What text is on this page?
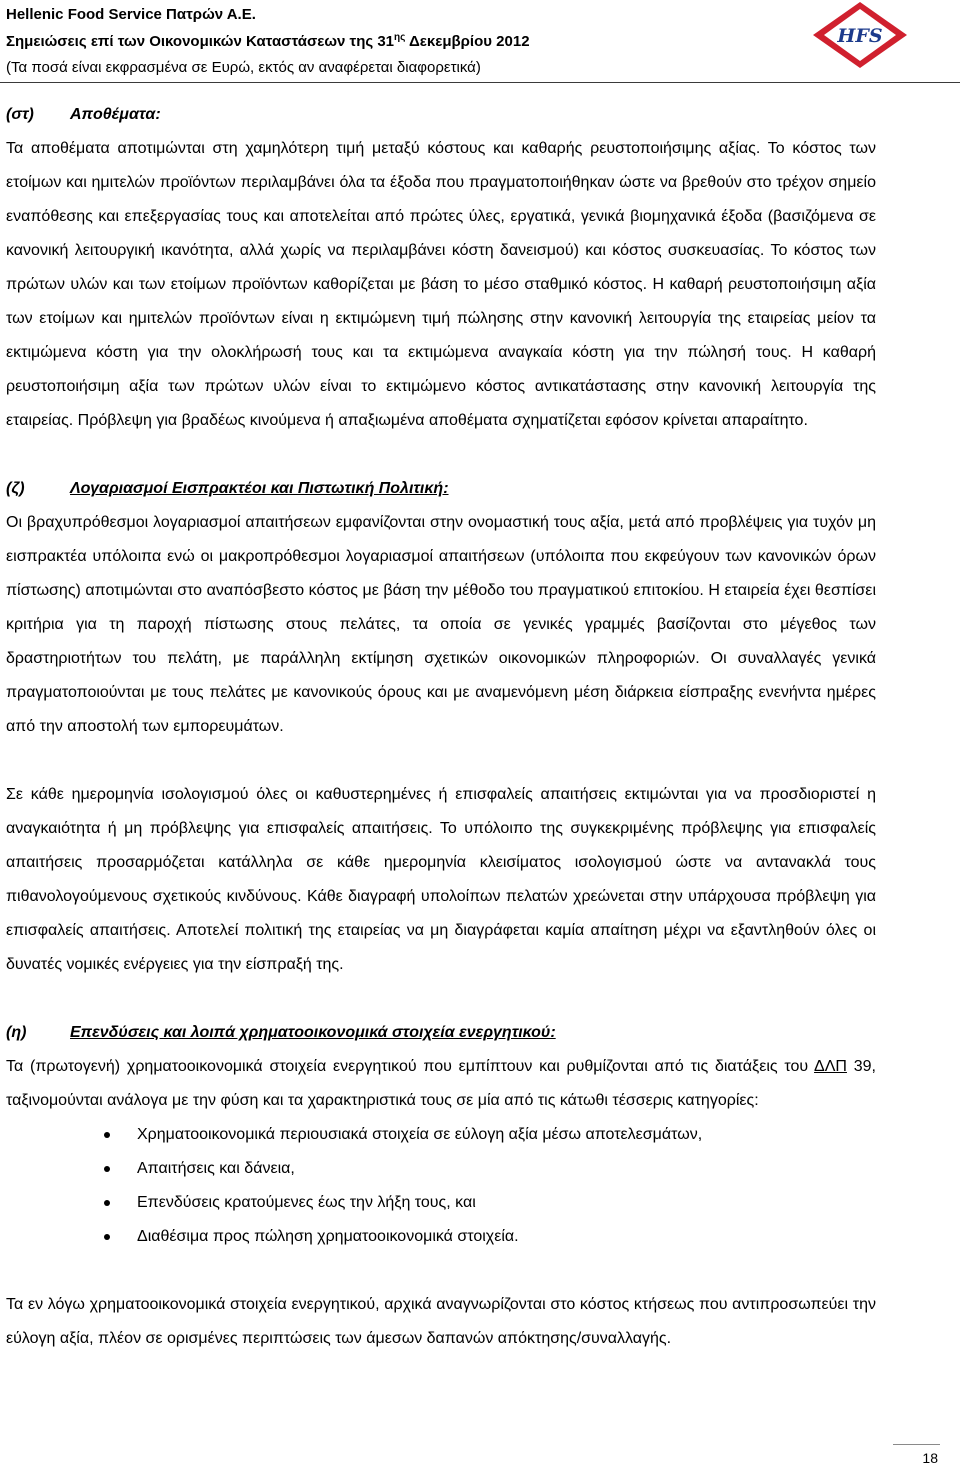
Hellenic Food Service Πατρών Α.Ε.
Σημειώσεις επί των Οικονομικών Καταστάσεων της $31^{\eta\varsigma}$ Δεκεμβρίου 2012
(Τα ποσά είναι εκφρασμένα σε Ευρώ, εκτός αν αναφέρεται διαφορετικά)
HFS
(στ) Αποθέματα:

Τα αποθέματα αποτιμώνται στη χαμηλότερη τιμή μεταξύ κόστους και καθαρής ρευστοποιήσιμης αξίας. Το κόστος των ετοίμων και ημιτελών προϊόντων περιλαμβάνει όλα τα έξοδα που πραγματοποιήθηκαν ώστε να βρεθούν στο τρέχον σημείο εναπόθεσης και επεξεργασίας τους και αποτελείται από πρώτες ύλες, εργατικά, γενικά βιομηχανικά έξοδα (βασιζόμενα σε κανονική λειτουργική ικανότητα, αλλά χωρίς να περιλαμβάνει κόστη δανεισμού) και κόστος συσκευασίας. Το κόστος των πρώτων υλών και των ετοίμων προϊόντων καθορίζεται με βάση το μέσο σταθμικό κόστος. Η καθαρή ρευστοποιήσιμη αξία των ετοίμων και ημιτελών προϊόντων είναι η εκτιμώμενη τιμή πώλησης στην κανονική λειτουργία της εταιρείας μείον τα εκτιμώμενα κόστη για την ολοκλήρωσή τους και τα εκτιμώμενα αναγκαία κόστη για την πώλησή τους. Η καθαρή ρευστοποιήσιμη αξία των πρώτων υλών είναι το εκτιμώμενο κόστος αντικατάστασης στην κανονική λειτουργία της εταιρείας. Πρόβλεψη για βραδέως κινούμενα ή απαξιωμένα αποθέματα σχηματίζεται εφόσον κρίνεται απαραίτητο.

(ζ)	Λογαριασμοί Εισπρακτέοι και Πιστωτική Πολιτική:

Οι βραχυπρόθεσμοι λογαριασμοί απαιτήσεων εμφανίζονται στην ονομαστική τους αξία, μετά από προβλέψεις για τυχόν μη εισπρακτέα υπόλοιπα ενώ οι μακροπρόθεσμοι λογαριασμοί απαιτήσεων (υπόλοιπα που εκφεύγουν των κανονικών όρων πίστωσης) αποτιμώνται στο αναπόσβεστο κόστος με βάση την μέθοδο του πραγματικού επιτοκίου. Η εταιρεία έχει θεσπίσει κριτήρια για τη παροχή πίστωσης στους πελάτες, τα οποία σε γενικές γραμμές βασίζονται στο μέγεθος των δραστηριοτήτων του πελάτη, με παράλληλη εκτίμηση σχετικών οικονομικών πληροφοριών. Οι συναλλαγές γενικά πραγματοποιούνται με τους πελάτες με κανονικούς όρους και με αναμενόμενη μέση διάρκεια είσπραξης ενενήντα ημέρες από την αποστολή των εμπορευμάτων.

Σε κάθε ημερομηνία ισολογισμού όλες οι καθυστερημένες ή επισφαλείς απαιτήσεις εκτιμώνται για να προσδιοριστεί η αναγκαιότητα ή μη πρόβλεψης για επισφαλείς απαιτήσεις. Το υπόλοιπο της συγκεκριμένης πρόβλεψης για επισφαλείς απαιτήσεις προσαρμόζεται κατάλληλα σε κάθε ημερομηνία κλεισίματος ισολογισμού ώστε να αντανακλά τους πιθανολογούμενους σχετικούς κινδύνους. Κάθε διαγραφή υπολοίπων πελατών χρεώνεται στην υπάρχουσα πρόβλεψη για επισφαλείς απαιτήσεις. Αποτελεί πολιτική της εταιρείας να μη διαγράφεται καμία απαίτηση μέχρι να εξαντληθούν όλες οι δυνατές νομικές ενέργειες για την είσπραξή της.

(η)	Επενδύσεις και λοιπά χρηματοοικονομικά στοιχεία ενεργητικού:

Τα (πρωτογενή) χρηματοοικονομικά στοιχεία ενεργητικού που εμπίπτουν και ρυθμίζονται από τις διατάξεις του ΔΛΠ 39, ταξινομούνται ανάλογα με την φύση και τα χαρακτηριστικά τους σε μία από τις κάτωθι τέσσερις κατηγορίες:

Χρηματοοικονομικά περιουσιακά στοιχεία σε εύλογη αξία μέσω αποτελεσμάτων,
Απαιτήσεις και δάνεια,
Επενδύσεις κρατούμενες έως την λήξη τους, και
Διαθέσιμα προς πώληση χρηματοοικονομικά στοιχεία.

Τα εν λόγω χρηματοοικονομικά στοιχεία ενεργητικού, αρχικά αναγνωρίζονται στο κόστος κτήσεως που αντιπροσωπεύει την εύλογη αξία, πλέον σε ορισμένες περιπτώσεις των άμεσων δαπανών απόκτησης/συναλλαγής.

18
